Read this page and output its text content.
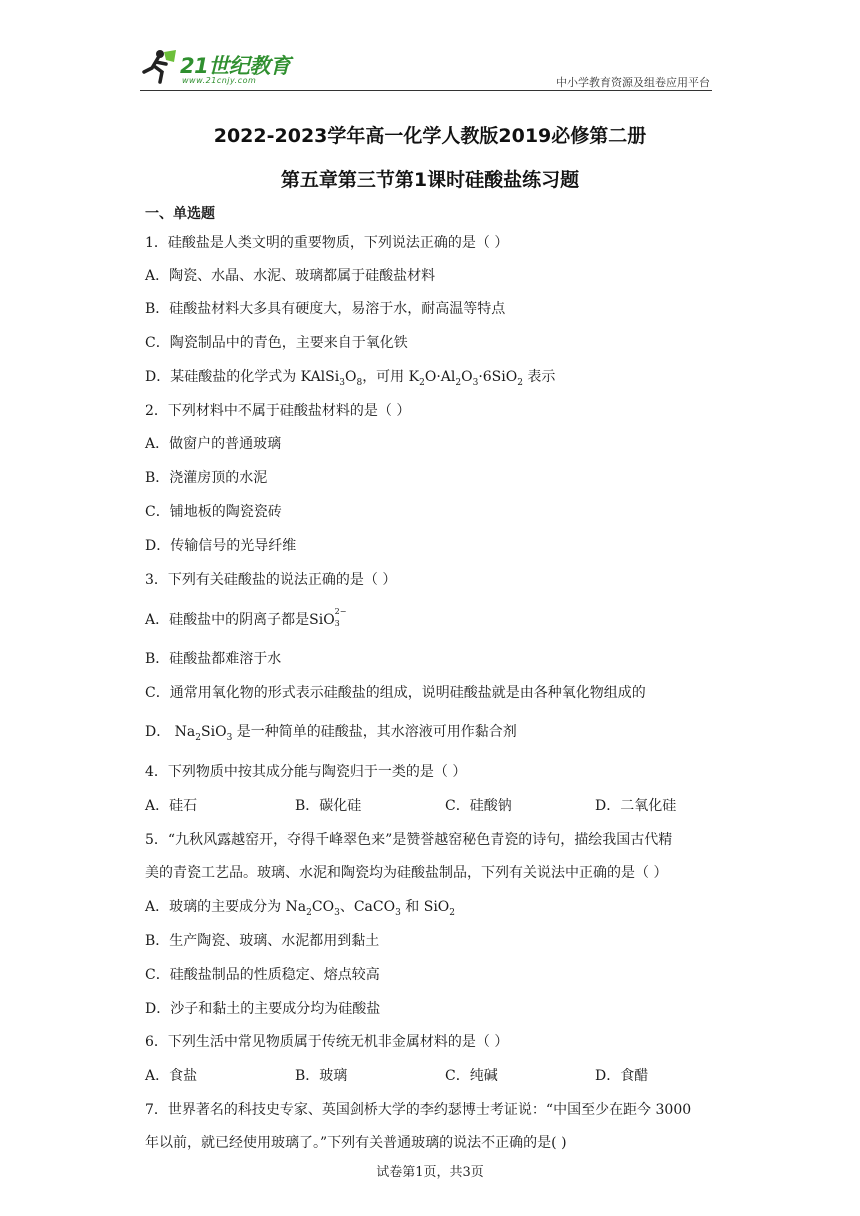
21世纪教育
www.21cnjy.com	中小学教育资源及组卷应用平台
2022-2023学年高一化学人教版2019必修第二册
第五章第三节第1课时硅酸盐练习题
一、单选题
1．硅酸盐是人类文明的重要物质，下列说法正确的是（ ）
A．陶瓷、水晶、水泥、玻璃都属于硅酸盐材料
B．硅酸盐材料大多具有硬度大，易溶于水，耐高温等特点
C．陶瓷制品中的青色，主要来自于氧化铁
D．某硅酸盐的化学式为 $KAlSi_3O_8$，可用 $K_2O\cdot Al_2O_3\cdot 6SiO_2$ 表示
2．下列材料中不属于硅酸盐材料的是（ ）
A．做窗户的普通玻璃
B．浇灌房顶的水泥
C．铺地板的陶瓷瓷砖
D．传输信号的光导纤维
3．下列有关硅酸盐的说法正确的是（ ）
A．硅酸盐中的阴离子都是SiO
2−
3
B．硅酸盐都难溶于水
C．通常用氧化物的形式表示硅酸盐的组成，说明硅酸盐就是由各种氧化物组成的
D． $Na_2SiO_3$ 是一种简单的硅酸盐，其水溶液可用作黏合剂
4．下列物质中按其成分能与陶瓷归于一类的是（ ）
A．硅石	B．碳化硅	C．硅酸钠	D．二氧化硅
5．“九秋风露越窑开，夺得千峰翠色来”是赞誉越窑秘色青瓷的诗句，描绘我国古代精
美的青瓷工艺品。玻璃、水泥和陶瓷均为硅酸盐制品，下列有关说法中正确的是（ ）
A．玻璃的主要成分为 $Na_2CO_3$、CaCO$_3$ 和 SiO$_2$
B．生产陶瓷、玻璃、水泥都用到黏土
C．硅酸盐制品的性质稳定、熔点较高
D．沙子和黏土的主要成分均为硅酸盐
6．下列生活中常见物质属于传统无机非金属材料的是（ ）
A．食盐	B．玻璃	C．纯碱	D．食醋
7．世界著名的科技史专家、英国剑桥大学的李约瑟博士考证说：“中国至少在距今 3000
年以前，就已经使用玻璃了。”下列有关普通玻璃的说法不正确的是( )
试卷第1页，共3页
